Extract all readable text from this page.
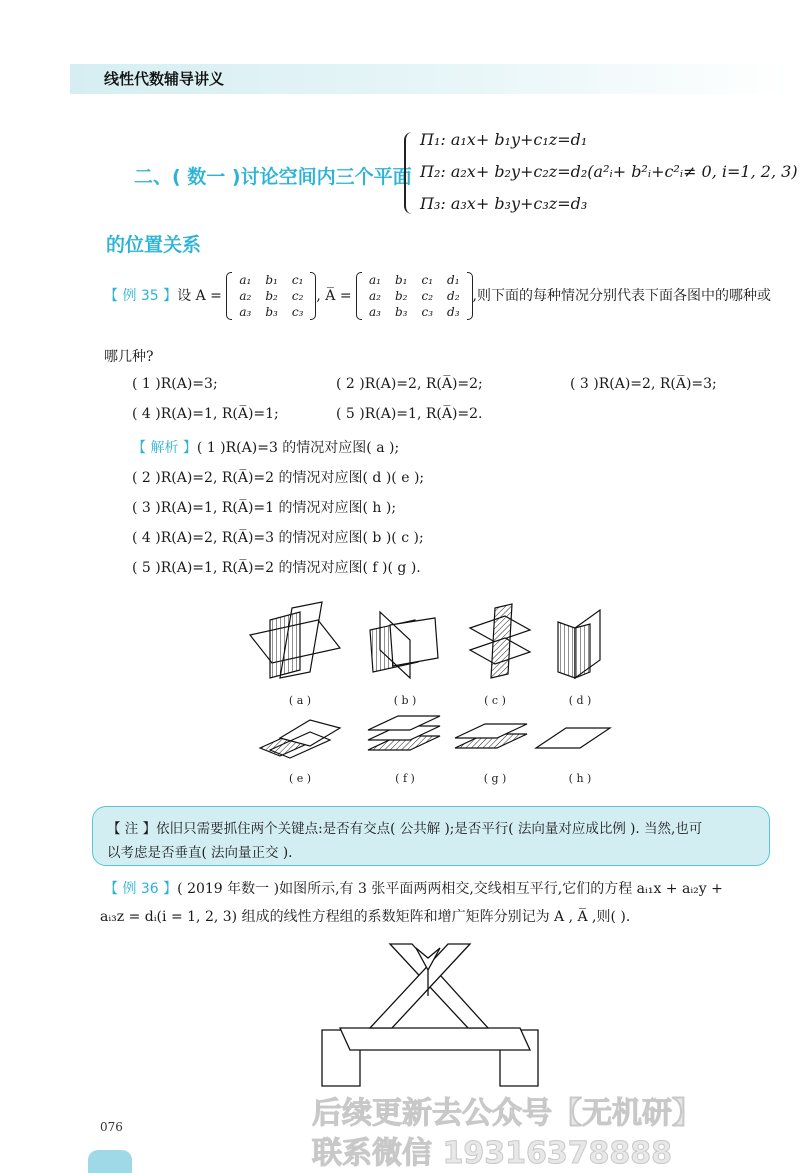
线性代数辅导讲义
二、( 数一 )讨论空间内三个平面
Π₁: a₁x+ b₁y+c₁z=d₁
Π₂: a₂x+ b₂y+c₂z=d₂(a²ᵢ+ b²ᵢ+c²ᵢ≠ 0, i=1, 2, 3)
Π₃: a₃x+ b₃y+c₃z=d₃
的位置关系
【 例 35 】设 A =
a₁	b₁	c₁
a₂	b₂	c₂
a₃	b₃	c₃
, A̅ =
a₁	b₁	c₁	d₁
a₂	b₂	c₂	d₂
a₃	b₃	c₃	d₃
,则下面的每种情况分别代表下面各图中的哪种或
哪几种?
( 1 )R(A)=3;	( 2 )R(A)=2, R(A̅)=2;	( 3 )R(A)=2, R(A̅)=3;
( 4 )R(A)=1, R(A̅)=1;	( 5 )R(A)=1, R(A̅)=2.
【 解析 】( 1 )R(A)=3 的情况对应图( a );
( 2 )R(A)=2, R(A̅)=2 的情况对应图( d )( e );
( 3 )R(A)=1, R(A̅)=1 的情况对应图( h );
( 4 )R(A)=2, R(A̅)=3 的情况对应图( b )( c );
( 5 )R(A)=1, R(A̅)=2 的情况对应图( f )( g ).
( a )	( b )	( c )	( d )
( e )	( f )	( g )	( h )
【 注 】依旧只需要抓住两个关键点:是否有交点( 公共解 );是否平行( 法向量对应成比例 ). 当然,也可
以考虑是否垂直( 法向量正交 ).
【 例 36 】( 2019 年数一 )如图所示,有 3 张平面两两相交,交线相互平行,它们的方程 aᵢ₁x + aᵢ₂y +
aᵢ₃z = dᵢ(i = 1, 2, 3) 组成的线性方程组的系数矩阵和增广矩阵分别记为 A , A̅ ,则( ).
076	后续更新去公众号【无机研】
联系微信 19316378888
